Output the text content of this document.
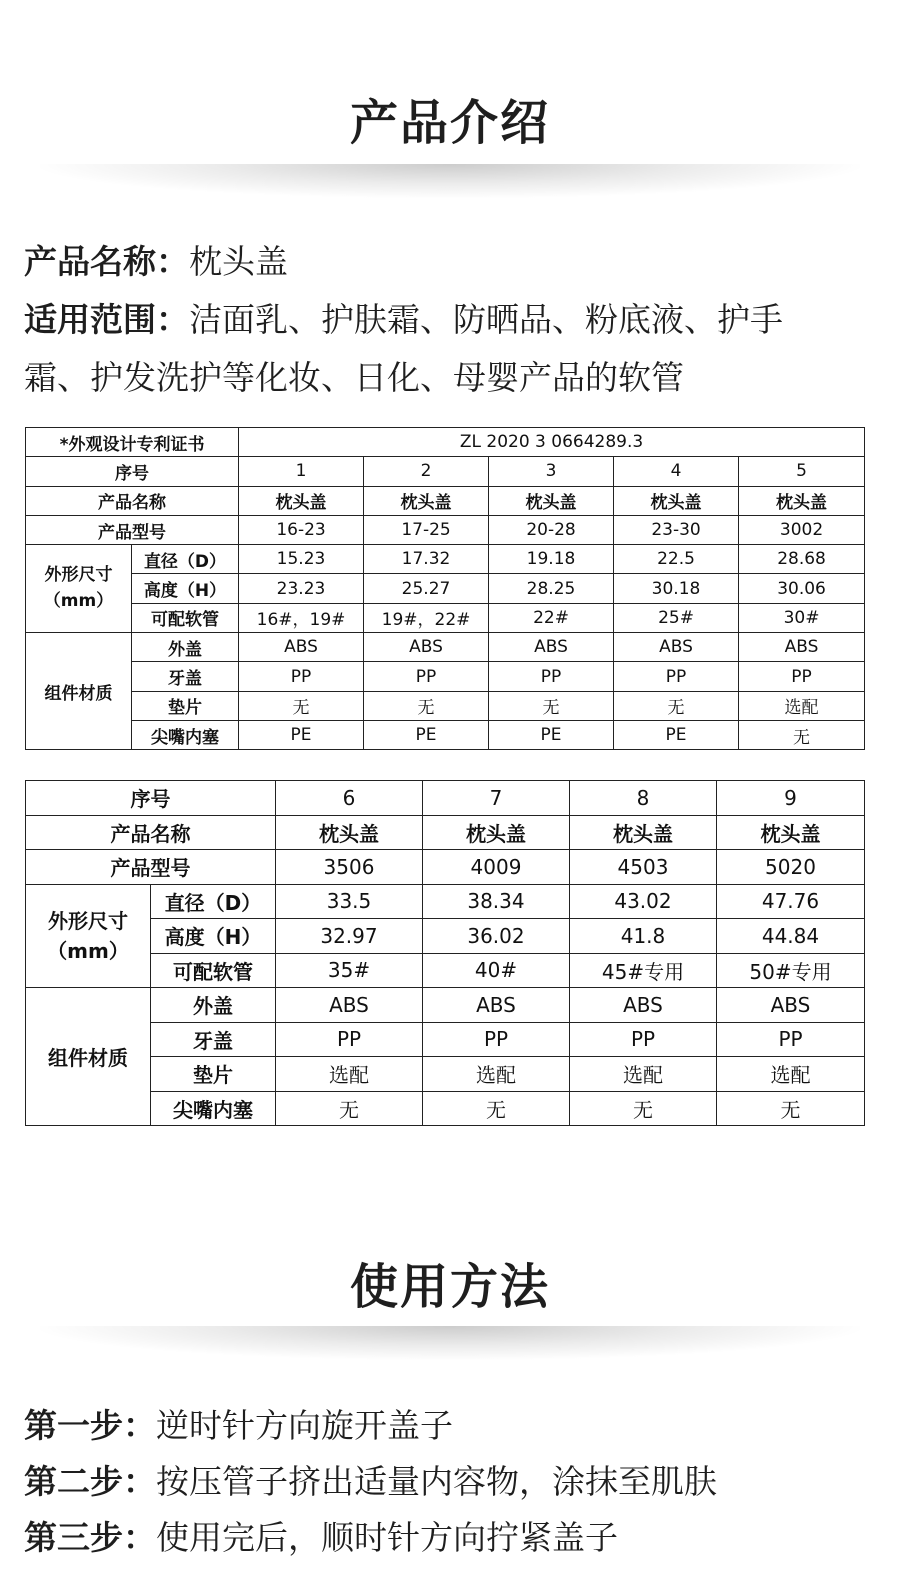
产品介绍
产品名称：枕头盖
适用范围：洁面乳、护肤霜、防晒品、粉底液、护手
霜、护发洗护等化妆、日化、母婴产品的软管
*外观设计专利证书		ZL 2020 3 0664289.3				
序号		1	2	3	4	5
产品名称		枕头盖	枕头盖	枕头盖	枕头盖	枕头盖
产品型号		16-23	17-25	20-28	23-30	3002
外形尺寸
（mm）	直径（D）	15.23	17.32	19.18	22.5	28.68
	高度（H）	23.23	25.27	28.25	30.18	30.06
	可配软管	16#，19#	19#，22#	22#	25#	30#
组件材质	外盖	ABS	ABS	ABS	ABS	ABS
	牙盖	PP	PP	PP	PP	PP
	垫片	无	无	无	无	选配
	尖嘴内塞	PE	PE	PE	PE	无
序号		6	7	8	9
产品名称		枕头盖	枕头盖	枕头盖	枕头盖
产品型号		3506	4009	4503	5020
外形尺寸
（mm）	直径（D）	33.5	38.34	43.02	47.76
	高度（H）	32.97	36.02	41.8	44.84
	可配软管	35#	40#	45#专用	50#专用
组件材质	外盖	ABS	ABS	ABS	ABS
	牙盖	PP	PP	PP	PP
	垫片	选配	选配	选配	选配
	尖嘴内塞	无	无	无	无
使用方法
第一步：逆时针方向旋开盖子
第二步：按压管子挤出适量内容物，涂抹至肌肤
第三步：使用完后，顺时针方向拧紧盖子
